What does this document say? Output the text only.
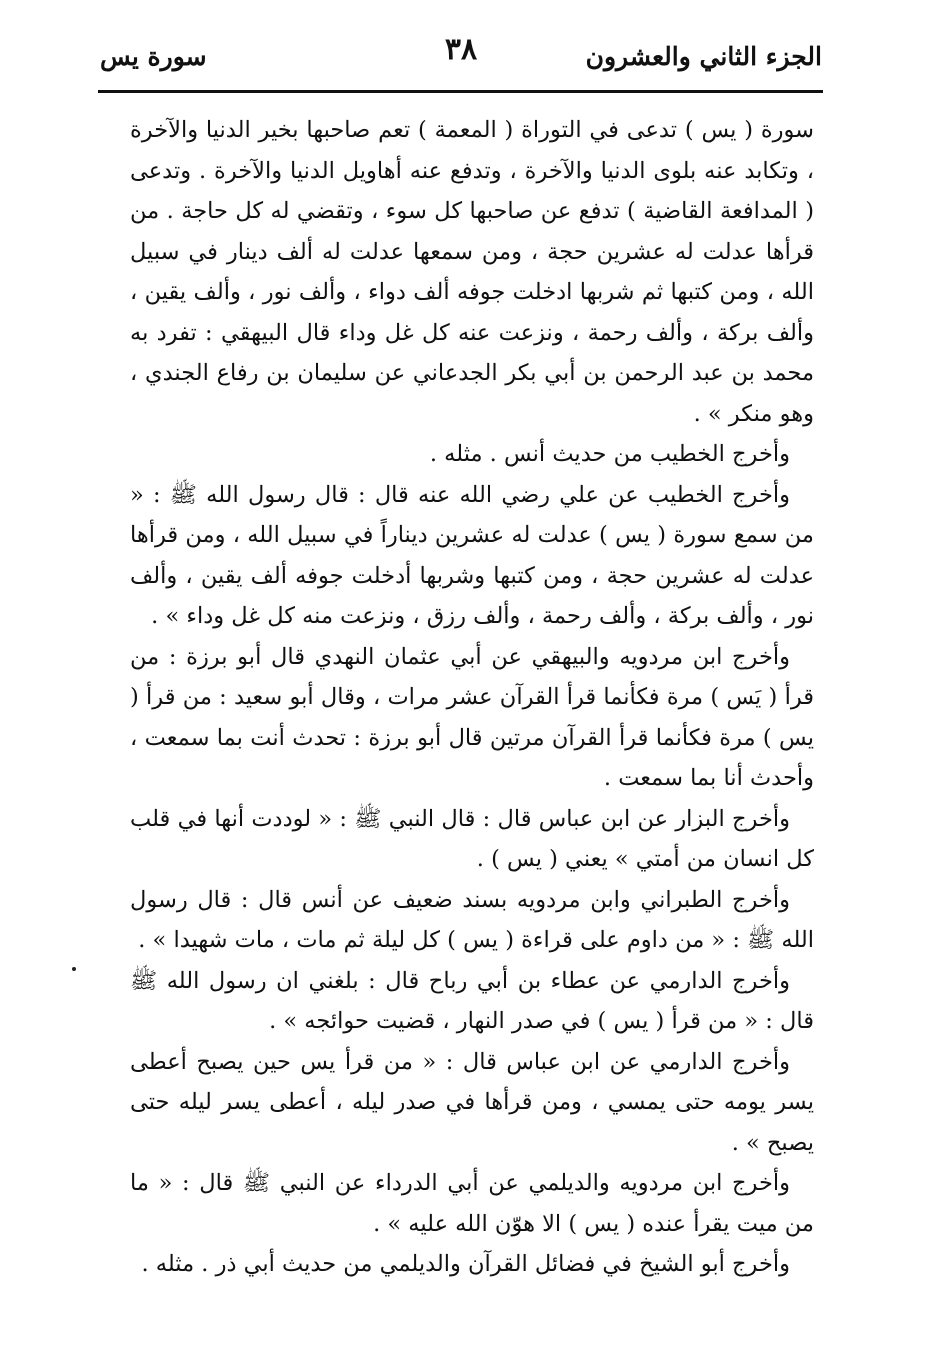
الجزء الثاني والعشرون
٣٨
سورة يس

سورة ( يس ) تدعى في التوراة ( المعمة ) تعم صاحبها بخير الدنيا والآخرة ، وتكابد عنه بلوى الدنيا والآخرة ، وتدفع عنه أهاويل الدنيا والآخرة . وتدعى ( المدافعة القاضية ) تدفع عن صاحبها كل سوء ، وتقضي له كل حاجة . من قرأها عدلت له عشرين حجة ، ومن سمعها عدلت له ألف دينار في سبيل الله ، ومن كتبها ثم شربها ادخلت جوفه ألف دواء ، وألف نور ، وألف يقين ، وألف بركة ، وألف رحمة ، ونزعت عنه كل غل وداء قال البيهقي : تفرد به محمد بن عبد الرحمن بن أبي بكر الجدعاني عن سليمان بن رفاع الجندي ، وهو منكر » .

وأخرج الخطيب من حديث أنس . مثله .

وأخرج الخطيب عن علي رضي الله عنه قال : قال رسول الله ﷺ : « من سمع سورة ( يس ) عدلت له عشرين ديناراً في سبيل الله ، ومن قرأها عدلت له عشرين حجة ، ومن كتبها وشربها أدخلت جوفه ألف يقين ، وألف نور ، وألف بركة ، وألف رحمة ، وألف رزق ، ونزعت منه كل غل وداء » .

وأخرج ابن مردويه والبيهقي عن أبي عثمان النهدي قال أبو برزة : من قرأ ( يَس ) مرة فكأنما قرأ القرآن عشر مرات ، وقال أبو سعيد : من قرأ ( يس ) مرة فكأنما قرأ القرآن مرتين قال أبو برزة : تحدث أنت بما سمعت ، وأحدث أنا بما سمعت .

وأخرج البزار عن ابن عباس قال : قال النبي ﷺ : « لوددت أنها في قلب كل انسان من أمتي » يعني ( يس ) .

وأخرج الطبراني وابن مردويه بسند ضعيف عن أنس قال : قال رسول الله ﷺ : « من داوم على قراءة ( يس ) كل ليلة ثم مات ، مات شهيدا » .

وأخرج الدارمي عن عطاء بن أبي رباح قال : بلغني ان رسول الله ﷺ قال : « من قرأ ( يس ) في صدر النهار ، قضيت حوائجه » .

وأخرج الدارمي عن ابن عباس قال : « من قرأ يس حين يصبح أعطى يسر يومه حتى يمسي ، ومن قرأها في صدر ليله ، أعطى يسر ليله حتى يصبح » .

وأخرج ابن مردويه والديلمي عن أبي الدرداء عن النبي ﷺ قال : « ما من ميت يقرأ عنده ( يس ) الا هوّن الله عليه » .

وأخرج أبو الشيخ في فضائل القرآن والديلمي من حديث أبي ذر . مثله .
